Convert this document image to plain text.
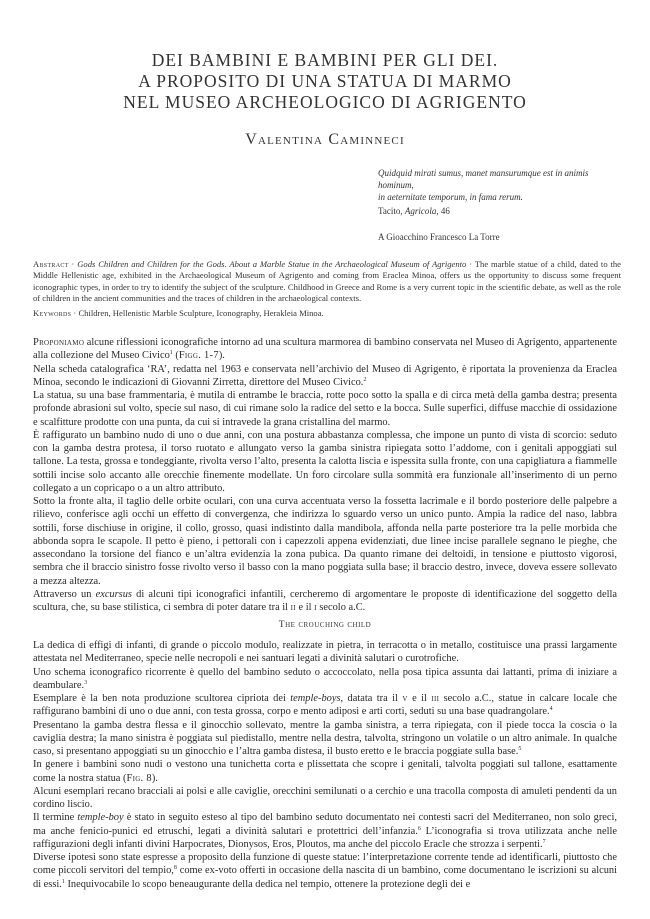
DEI BAMBINI E BAMBINI PER GLI DEI.
A PROPOSITO DI UNA STATUA DI MARMO
NEL MUSEO ARCHEOLOGICO DI AGRIGENTO
Valentina Caminneci
Quidquid mirati sumus, manet mansurumque est in animis
hominum,
in aeternitate temporum, in fama rerum.
Tacito, Agricola, 46
A Gioacchino Francesco La Torre
Abstract · Gods Children and Children for the Gods. About a Marble Statue in the Archaeological Museum of Agrigento · The marble statue of a child, dated to the Middle Hellenistic age, exhibited in the Archaeological Museum of Agrigento and coming from Eraclea Minoa, offers us the opportunity to discuss some frequent iconographic types, in order to try to identify the subject of the sculpture. Childhood in Greece and Rome is a very current topic in the scientific debate, as well as the role of children in the ancient communities and the traces of children in the archaeological contexts.
Keywords · Children, Hellenistic Marble Sculpture, Iconography, Herakleia Minoa.

Proponiamo alcune riflessioni iconografiche intorno ad una scultura marmorea di bambino conservata nel Museo di Agrigento, appartenente alla collezione del Museo Civico$^1$ (Figg. 1-7).

Nella scheda catalografica ‘RA’, redatta nel 1963 e conservata nell’archivio del Museo di Agrigento, è riportata la provenienza da Eraclea Minoa, secondo le indicazioni di Giovanni Zirretta, direttore del Museo Civico.$^2$

La statua, su una base frammentaria, è mutila di entrambe le braccia, rotte poco sotto la spalla e di circa metà della gamba destra; presenta profonde abrasioni sul volto, specie sul naso, di cui rimane solo la radice del setto e la bocca. Sulle superfici, diffuse macchie di ossidazione e scalfitture prodotte con una punta, da cui si intravede la grana cristallina del marmo.

È raffigurato un bambino nudo di uno o due anni, con una postura abbastanza complessa, che impone un punto di vista di scorcio: seduto con la gamba destra protesa, il torso ruotato e allungato verso la gamba sinistra ripiegata sotto l’addome, con i genitali appoggiati sul tallone. La testa, grossa e tondeggiante, rivolta verso l’alto, presenta la calotta liscia e ispessita sulla fronte, con una capigliatura a fiammelle sottili incise solo accanto alle orecchie finemente modellate. Un foro circolare sulla sommità era funzionale all’inserimento di un perno collegato a un copricapo o a un altro attributo.

Sotto la fronte alta, il taglio delle orbite oculari, con una curva accentuata verso la fossetta lacrimale e il bordo posteriore delle palpebre a rilievo, conferisce agli occhi un effetto di convergenza, che indirizza lo sguardo verso un unico punto. Ampia la radice del naso, labbra sottili, forse dischiuse in origine, il collo, grosso, quasi indistinto dalla mandibola, affonda nella parte posteriore tra la pelle morbida che abbonda sopra le scapole. Il petto è pieno, i pettorali con i capezzoli appena evidenziati, due linee incise parallele segnano le pieghe, che assecondano la torsione del fianco e un’altra evidenzia la zona pubica. Da quanto rimane dei deltoidi, in tensione e piuttosto vigorosi, sembra che il braccio sinistro fosse rivolto verso il basso con la mano poggiata sulla base; il braccio destro, invece, doveva essere sollevato a mezza altezza.

Attraverso un excursus di alcuni tipi iconografici infantili, cercheremo di argomentare le proposte di identificazione del soggetto della scultura, che, su base stilistica, ci sembra di poter datare tra il ii e il i secolo a.C.

The crouching child

La dedica di effigi di infanti, di grande o piccolo modulo, realizzate in pietra, in terracotta o in metallo, costituisce una prassi largamente attestata nel Mediterraneo, specie nelle necropoli e nei santuari legati a divinità salutari o curotrofiche.

Uno schema iconografico ricorrente è quello del bambino seduto o accoccolato, nella posa tipica assunta dai lattanti, prima di iniziare a deambulare.$^3$

Esemplare è la ben nota produzione scultorea cipriota dei temple-boys, datata tra il v e il iii secolo a.C., statue in calcare locale che raffigurano bambini di uno o due anni, con testa grossa, corpo e mento adiposi e arti corti, seduti su una base quadrangolare.$^4$

Presentano la gamba destra flessa e il ginocchio sollevato, mentre la gamba sinistra, a terra ripiegata, con il piede tocca la coscia o la caviglia destra; la mano sinistra è poggiata sul piedistallo, mentre nella destra, talvolta, stringono un volatile o un altro animale. In qualche caso, si presentano appoggiati su un ginocchio e l’altra gamba distesa, il busto eretto e le braccia poggiate sulla base.$^5$

In genere i bambini sono nudi o vestono una tunichetta corta e plissettata che scopre i genitali, talvolta poggiati sul tallone, esattamente come la nostra statua (Fig. 8).

Alcuni esemplari recano bracciali ai polsi e alle caviglie, orecchini semilunati o a cerchio e una tracolla composta di amuleti pendenti da un cordino liscio.

Il termine temple-boy è stato in seguito esteso al tipo del bambino seduto documentato nei contesti sacri del Mediterraneo, non solo greci, ma anche fenicio-punici ed etruschi, legati a divinità salutari e protettrici dell’infanzia.$^6$ L’iconografia si trova utilizzata anche nelle raffigurazioni degli infanti divini Harpocrates, Dionysos, Eros, Ploutos, ma anche del piccolo Eracle che strozza i serpenti.$^7$

Diverse ipotesi sono state espresse a proposito della funzione di queste statue: l’interpretazione corrente tende ad identificarli, piuttosto che come piccoli servitori del tempio,$^8$ come ex-voto offerti in occasione della nascita di un bambino, come documentano le iscrizioni su alcuni di essi.$^1$ Inequivocabile lo scopo beneaugurante della dedica nel tempio, ottenere la protezione degli dei e
